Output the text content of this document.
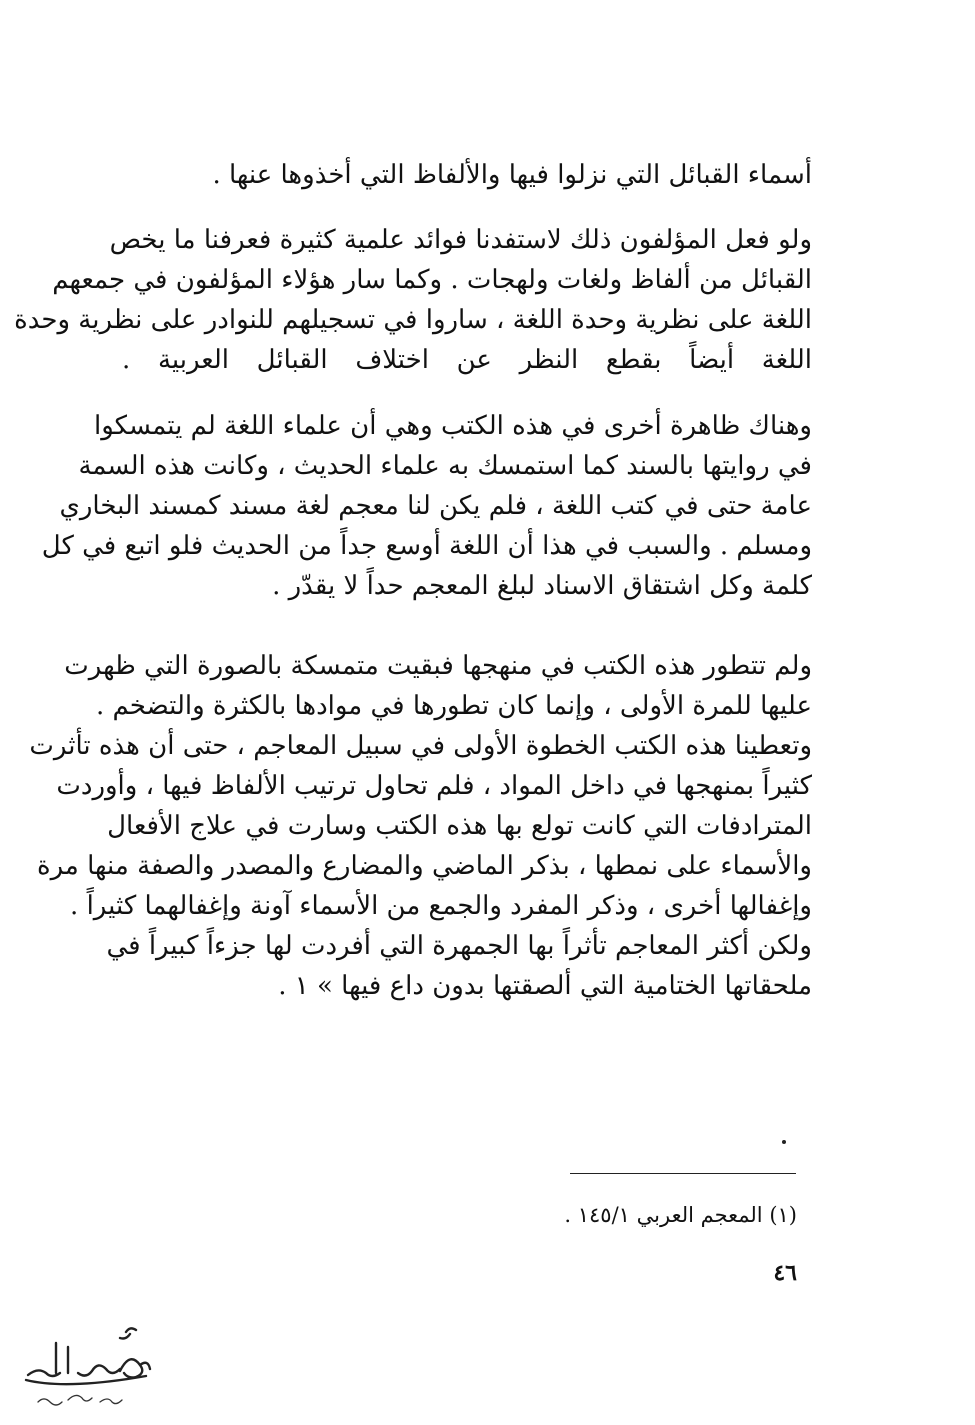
أسماء القبائل التي نزلوا فيها والألفاظ التي أخذوها عنها .
ولو فعل المؤلفون ذلك لاستفدنا فوائد علمية كثيرة فعرفنا ما يخص
القبائل من ألفاظ ولغات ولهجات . وكما سار هؤلاء المؤلفون في جمعهم
اللغة على نظرية وحدة اللغة ، ساروا في تسجيلهم للنوادر على نظرية وحدة
اللغة أيضاً بقطع النظر عن اختلاف القبائل العربية .
وهناك ظاهرة أخرى في هذه الكتب وهي أن علماء اللغة لم يتمسكوا
في روايتها بالسند كما استمسك به علماء الحديث ، وكانت هذه السمة
عامة حتى في كتب اللغة ، فلم يكن لنا معجم لغة مسند كمسند البخاري
ومسلم . والسبب في هذا أن اللغة أوسع جداً من الحديث فلو اتبع في كل
كلمة وكل اشتقاق الاسناد لبلغ المعجم حداً لا يقدّر .
ولم تتطور هذه الكتب في منهجها فبقيت متمسكة بالصورة التي ظهرت
عليها للمرة الأولى ، وإنما كان تطورها في موادها بالكثرة والتضخم .
وتعطينا هذه الكتب الخطوة الأولى في سبيل المعاجم ، حتى أن هذه تأثرت
كثيراً بمنهجها في داخل المواد ، فلم تحاول ترتيب الألفاظ فيها ، وأوردت
المترادفات التي كانت تولع بها هذه الكتب وسارت في علاج الأفعال
والأسماء على نمطها ، بذكر الماضي والمضارع والمصدر والصفة منها مرة
وإغفالها أخرى ، وذكر المفرد والجمع من الأسماء آونة وإغفالهما كثيراً .
ولكن أكثر المعاجم تأثراً بها الجمهرة التي أفردت لها جزءاً كبيراً في
ملحقاتها الختامية التي ألصقتها بدون داع فيها » ١ .
(١) المعجم العربي ١٤٥/١ .
٤٦
